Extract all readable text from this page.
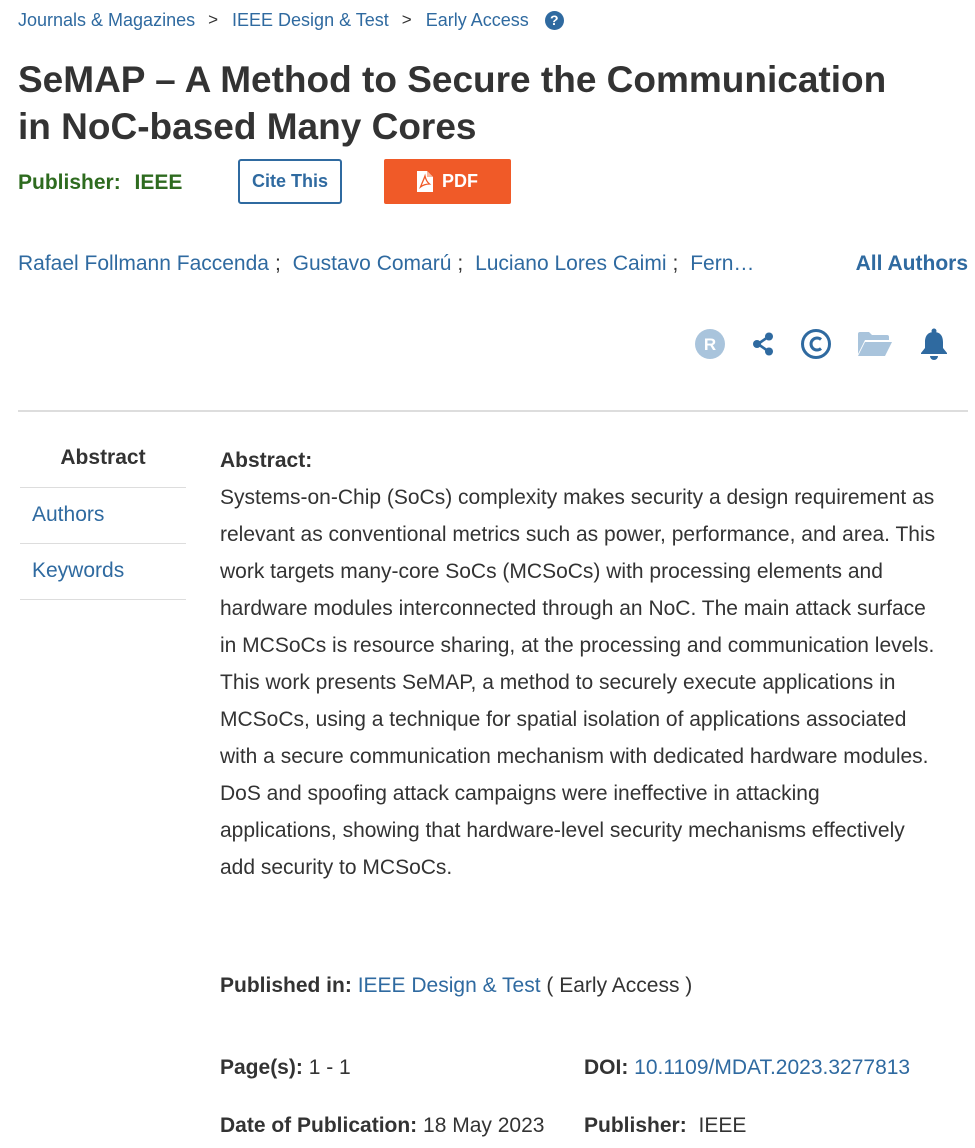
Journals & Magazines > IEEE Design & Test > Early Access	?
SeMAP – A Method to Secure the Communication in NoC-based Many Cores
Publisher: IEEE	Cite This	PDF
Rafael Follmann Faccenda ; Gustavo Comarú ; Luciano Lores Caimi ; Fern…	All Authors
R
Abstract
Authors
Keywords
Abstract:

Systems-on-Chip (SoCs) complexity makes security a design requirement as relevant as conventional metrics such as power, performance, and area. This work targets many-core SoCs (MCSoCs) with processing elements and hardware modules interconnected through an NoC. The main attack surface in MCSoCs is resource sharing, at the processing and communication levels. This work presents SeMAP, a method to securely execute applications in MCSoCs, using a technique for spatial isolation of applications associated with a secure communication mechanism with dedicated hardware modules. DoS and spoofing attack campaigns were ineffective in attacking applications, showing that hardware-level security mechanisms effectively add security to MCSoCs.

Published in: IEEE Design & Test ( Early Access )
Page(s): 1 - 1	DOI: 10.1109/MDAT.2023.3277813
Date of Publication: 18 May 2023 Publisher: IEEE
